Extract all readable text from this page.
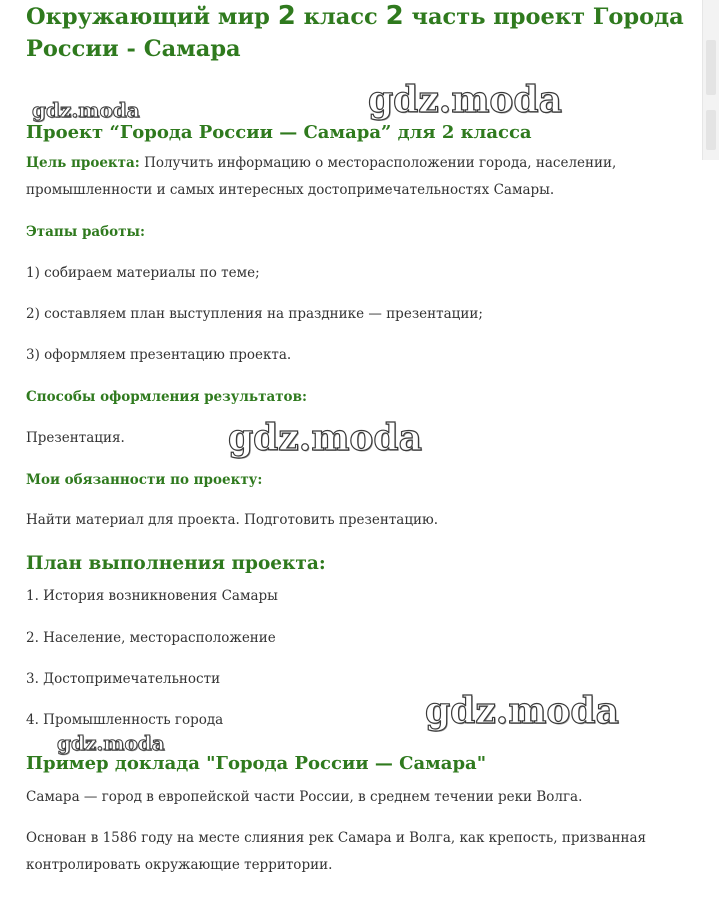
Окружающий мир 2 класс 2 часть проект Города России - Самара
gdz.moda	gdz.moda
Проект “Города России — Самара” для 2 класса

Цель проекта: Получить информацию о месторасположении города, населении, промышленности и самых интересных достопримечательностях Самары.

Этапы работы:

1) собираем материалы по теме;

2) составляем план выступления на празднике — презентации;

3) оформляем презентацию проекта.

Способы оформления результатов:

Презентация.	gdz.moda

Мои обязанности по проекту:

Найти материал для проекта. Подготовить презентацию.

План выполнения проекта:

1. История возникновения Самары

2. Население, месторасположение

3. Достопримечательности

4. Промышленность города	gdz.moda
gdz.moda
Пример доклада "Города России — Самара"

Самара — город в европейской части России, в среднем течении реки Волга.

Основан в 1586 году на месте слияния рек Самара и Волга, как крепость, призванная контролировать окружающие территории.
